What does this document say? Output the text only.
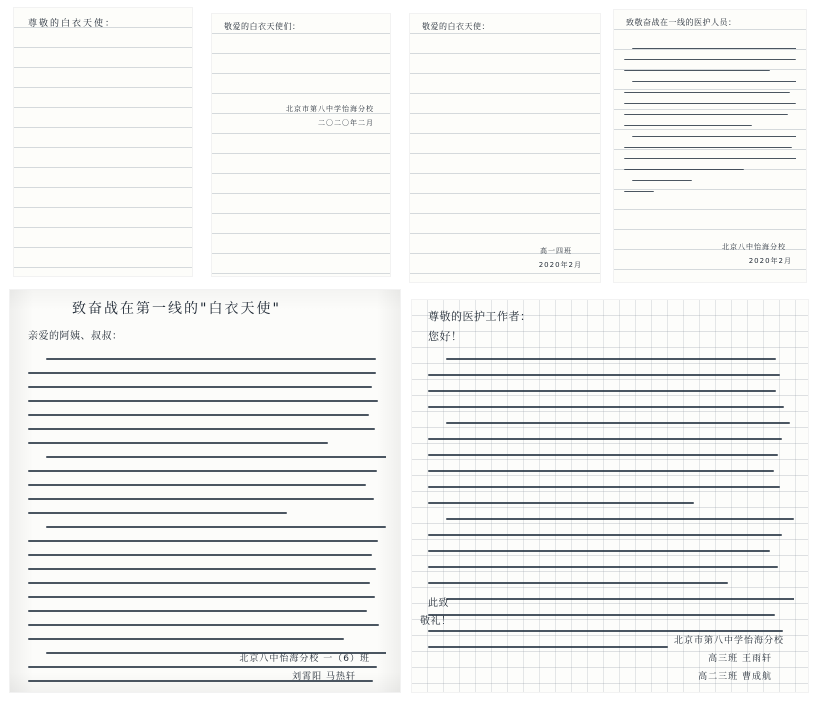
尊敬的白衣天使：	敬爱的白衣天使们：
北京市第八中学怡海分校
二〇二〇年二月
敬爱的白衣天使：
高一四班
2020年2月
致敬奋战在一线的医护人员：
北京八中怡海分校
2020年2月
致奋战在第一线的"白衣天使"
亲爱的阿姨、叔叔：
北京八中怡海分校 一（6）班
刘霄阳 马热轩
尊敬的医护工作者：
您好！
此致
敬礼！
北京市第八中学怡海分校
高三班 王雨轩
高二三班 曹成航
